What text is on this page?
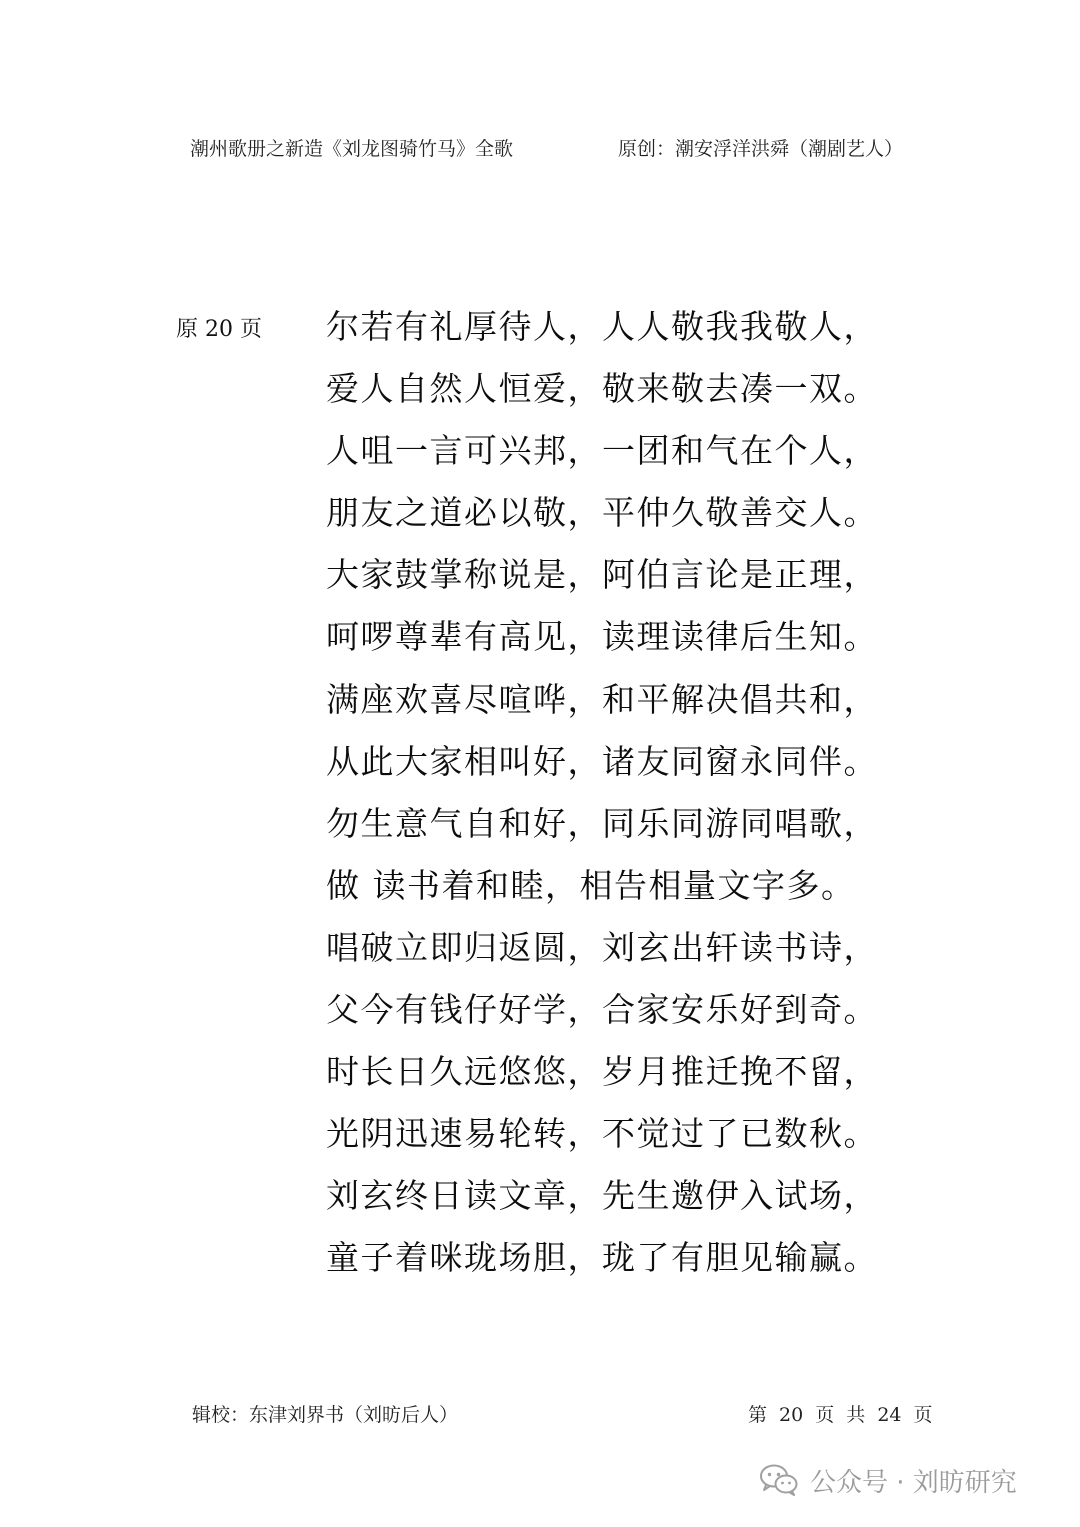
潮州歌册之新造《刘龙图骑竹马》全歌	原创：潮安浮洋洪舜（潮剧艺人）
原 20 页 尔若有礼厚待人，人人敬我我敬人，
爱人自然人恒爱，敬来敬去凑一双。
人咀一言可兴邦，一团和气在个人，
朋友之道必以敬，平仲久敬善交人。
大家鼓掌称说是，阿伯言论是正理，
呵啰尊辈有高见，读理读律后生知。
满座欢喜尽喧哗，和平解决倡共和，
从此大家相叫好，诸友同窗永同伴。
勿生意气自和好，同乐同游同唱歌，
做 读书着和睦，相告相量文字多。
唱破立即归返圆，刘玄出轩读书诗，
父今有钱仔好学，合家安乐好到奇。
时长日久远悠悠，岁月推迁挽不留，
光阴迅速易轮转，不觉过了已数秋。
刘玄终日读文章，先生邀伊入试场，
童子着咪珑场胆，珑了有胆见输赢。
辑校：东津刘界书（刘昉后人）	第 20 页 共 24 页
公众号 · 刘昉研究
